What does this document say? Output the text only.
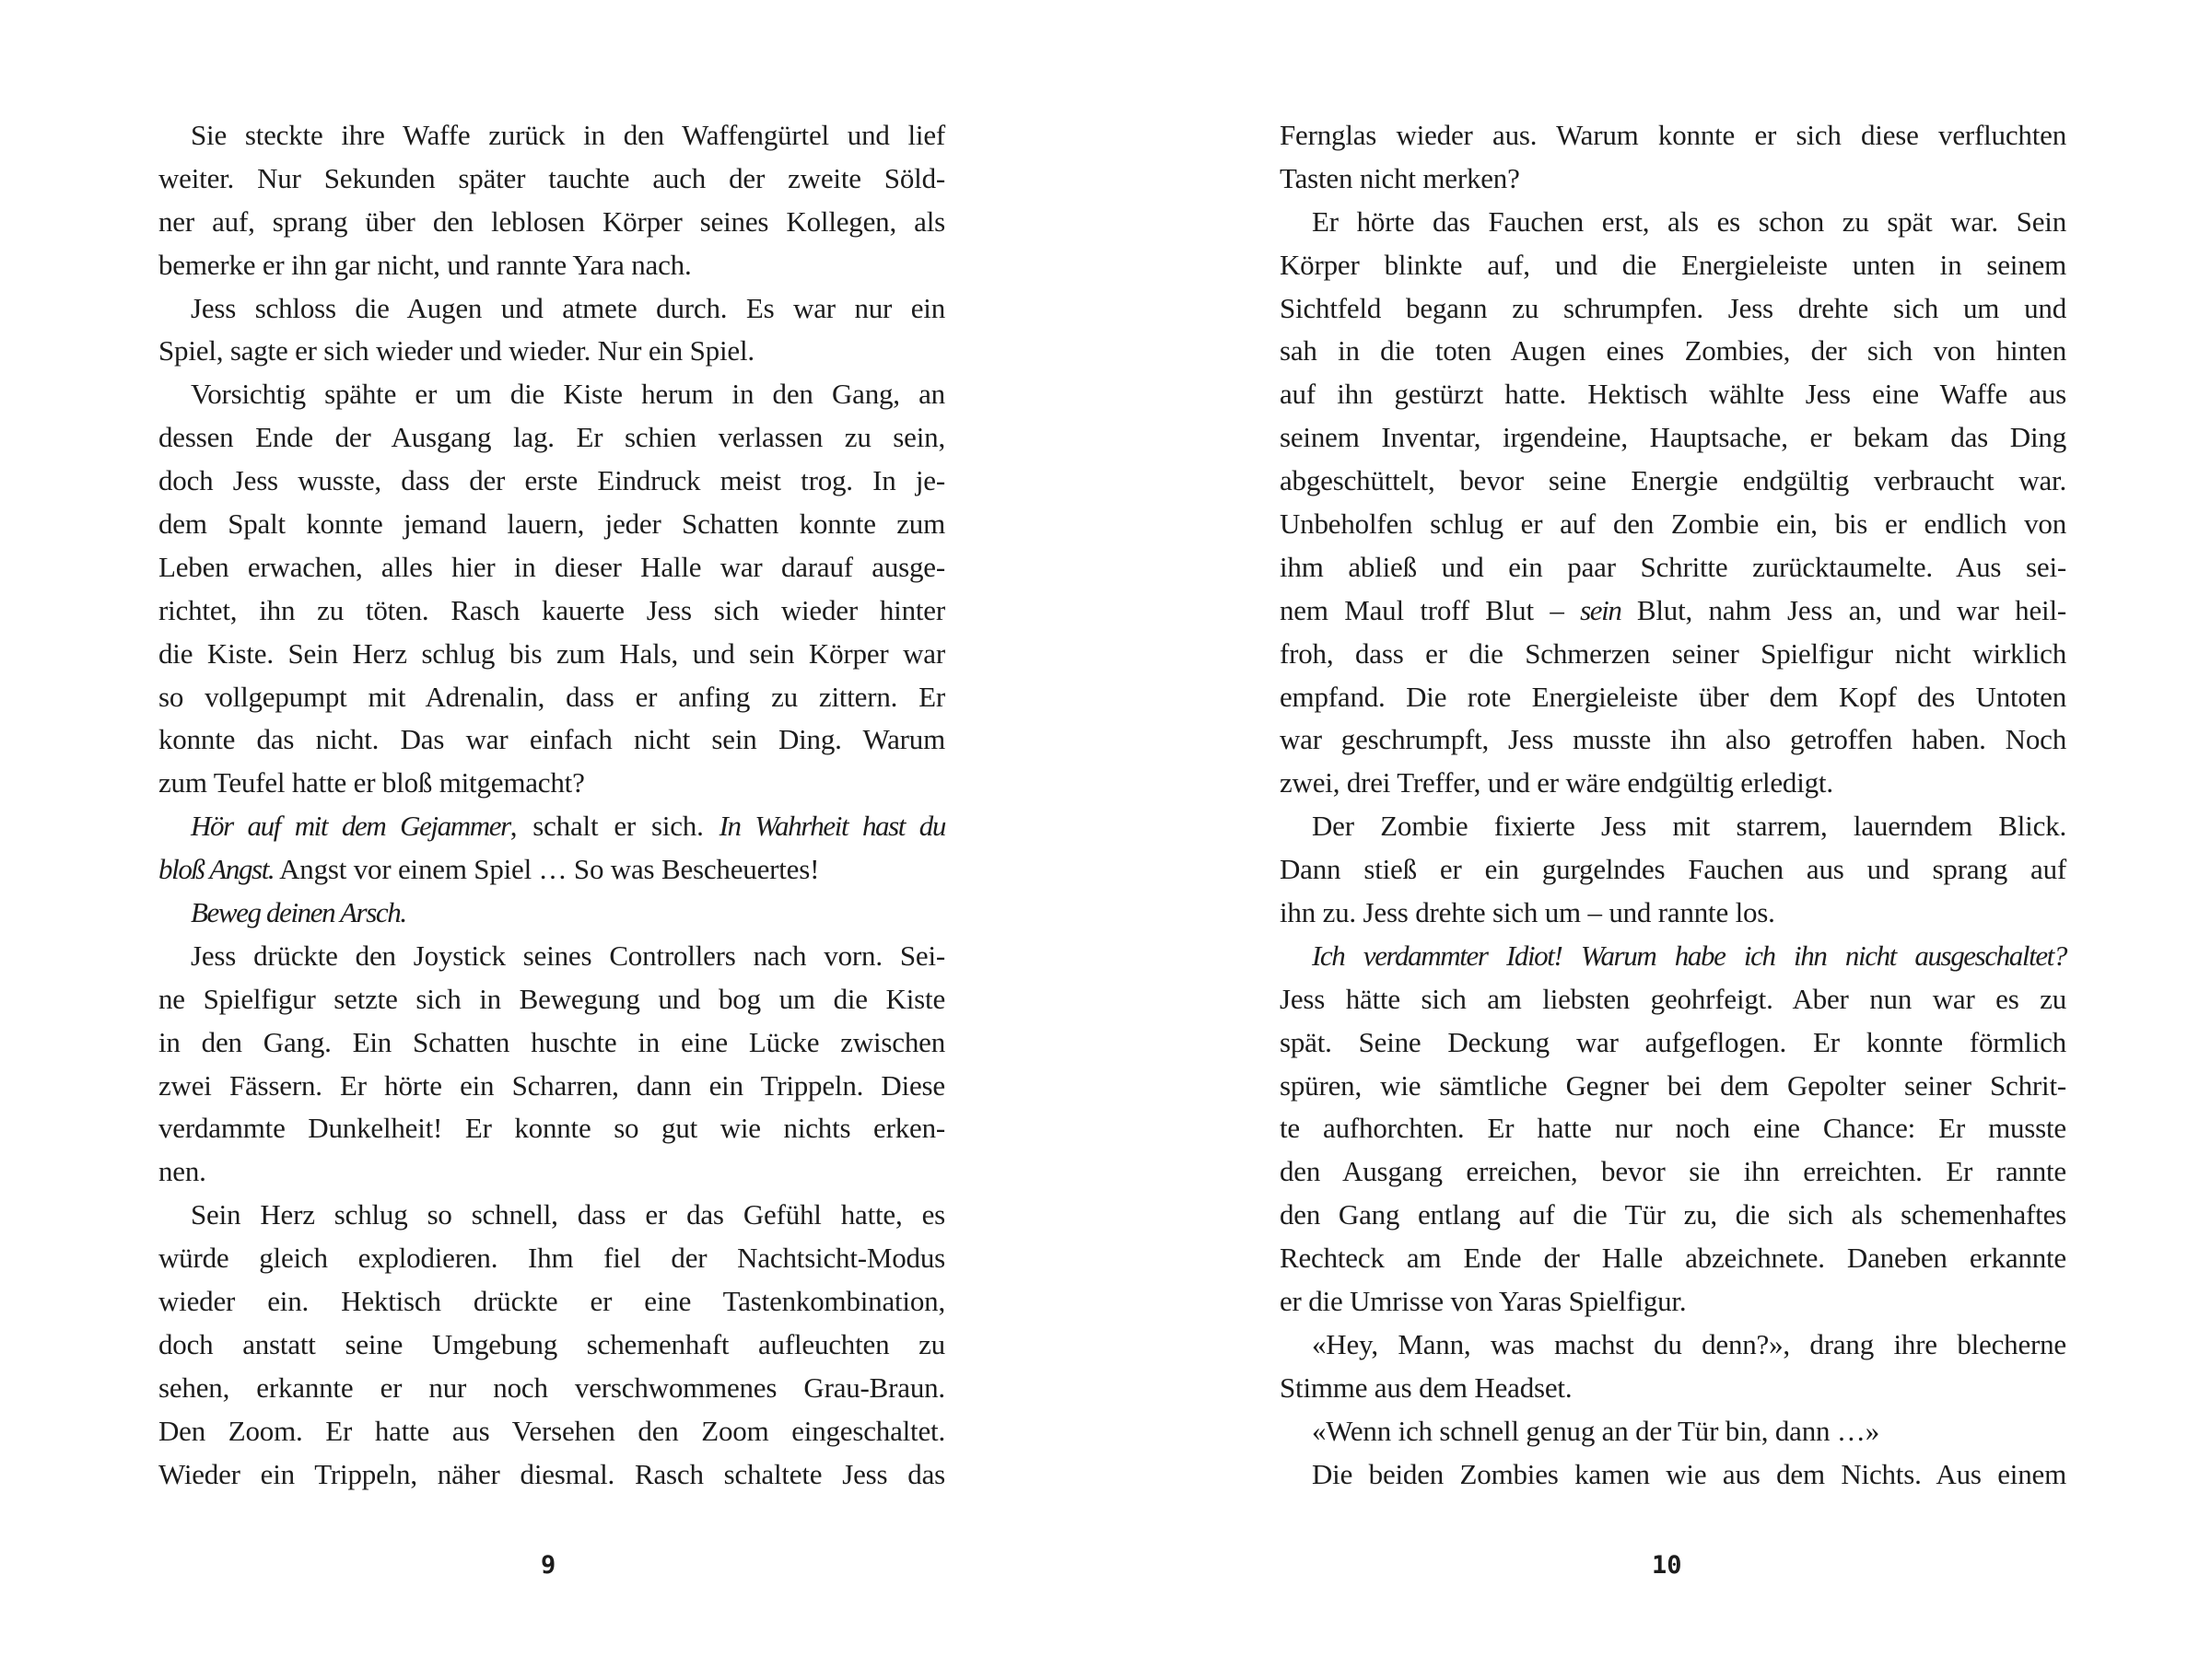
Sie steckte ihre Waffe zurück in den Waffengürtel und lief
weiter. Nur Sekunden später tauchte auch der zweite Söld-
ner auf, sprang über den leblosen Körper seines Kollegen, als
bemerke er ihn gar nicht, und rannte Yara nach.
Jess schloss die Augen und atmete durch. Es war nur ein
Spiel, sagte er sich wieder und wieder. Nur ein Spiel.
Vorsichtig spähte er um die Kiste herum in den Gang, an
dessen Ende der Ausgang lag. Er schien verlassen zu sein,
doch Jess wusste, dass der erste Eindruck meist trog. In je-
dem Spalt konnte jemand lauern, jeder Schatten konnte zum
Leben erwachen, alles hier in dieser Halle war darauf ausge-
richtet, ihn zu töten. Rasch kauerte Jess sich wieder hinter
die Kiste. Sein Herz schlug bis zum Hals, und sein Körper war
so vollgepumpt mit Adrenalin, dass er anfing zu zittern. Er
konnte das nicht. Das war einfach nicht sein Ding. Warum
zum Teufel hatte er bloß mitgemacht?
Hör auf mit dem Gejammer, schalt er sich. In Wahrheit hast du
bloß Angst. Angst vor einem Spiel … So was Bescheuertes!
Beweg deinen Arsch.
Jess drückte den Joystick seines Controllers nach vorn. Sei-
ne Spielfigur setzte sich in Bewegung und bog um die Kiste
in den Gang. Ein Schatten huschte in eine Lücke zwischen
zwei Fässern. Er hörte ein Scharren, dann ein Trippeln. Diese
verdammte Dunkelheit! Er konnte so gut wie nichts erken-
nen.
Sein Herz schlug so schnell, dass er das Gefühl hatte, es
würde gleich explodieren. Ihm fiel der Nachtsicht-Modus
wieder ein. Hektisch drückte er eine Tastenkombination,
doch anstatt seine Umgebung schemenhaft aufleuchten zu
sehen, erkannte er nur noch verschwommenes Grau-Braun.
Den Zoom. Er hatte aus Versehen den Zoom eingeschaltet.
Wieder ein Trippeln, näher diesmal. Rasch schaltete Jess das
Fernglas wieder aus. Warum konnte er sich diese verfluchten
Tasten nicht merken?
Er hörte das Fauchen erst, als es schon zu spät war. Sein
Körper blinkte auf, und die Energieleiste unten in seinem
Sichtfeld begann zu schrumpfen. Jess drehte sich um und
sah in die toten Augen eines Zombies, der sich von hinten
auf ihn gestürzt hatte. Hektisch wählte Jess eine Waffe aus
seinem Inventar, irgendeine, Hauptsache, er bekam das Ding
abgeschüttelt, bevor seine Energie endgültig verbraucht war.
Unbeholfen schlug er auf den Zombie ein, bis er endlich von
ihm abließ und ein paar Schritte zurücktaumelte. Aus sei-
nem Maul troff Blut – sein Blut, nahm Jess an, und war heil-
froh, dass er die Schmerzen seiner Spielfigur nicht wirklich
empfand. Die rote Energieleiste über dem Kopf des Untoten
war geschrumpft, Jess musste ihn also getroffen haben. Noch
zwei, drei Treffer, und er wäre endgültig erledigt.
Der Zombie fixierte Jess mit starrem, lauerndem Blick.
Dann stieß er ein gurgelndes Fauchen aus und sprang auf
ihn zu. Jess drehte sich um – und rannte los.
Ich verdammter Idiot! Warum habe ich ihn nicht ausgeschaltet?
Jess hätte sich am liebsten geohrfeigt. Aber nun war es zu
spät. Seine Deckung war aufgeflogen. Er konnte förmlich
spüren, wie sämtliche Gegner bei dem Gepolter seiner Schrit-
te aufhorchten. Er hatte nur noch eine Chance: Er musste
den Ausgang erreichen, bevor sie ihn erreichten. Er rannte
den Gang entlang auf die Tür zu, die sich als schemenhaftes
Rechteck am Ende der Halle abzeichnete. Daneben erkannte
er die Umrisse von Yaras Spielfigur.
«Hey, Mann, was machst du denn?», drang ihre blecherne
Stimme aus dem Headset.
«Wenn ich schnell genug an der Tür bin, dann …»
Die beiden Zombies kamen wie aus dem Nichts. Aus einem
9	10
